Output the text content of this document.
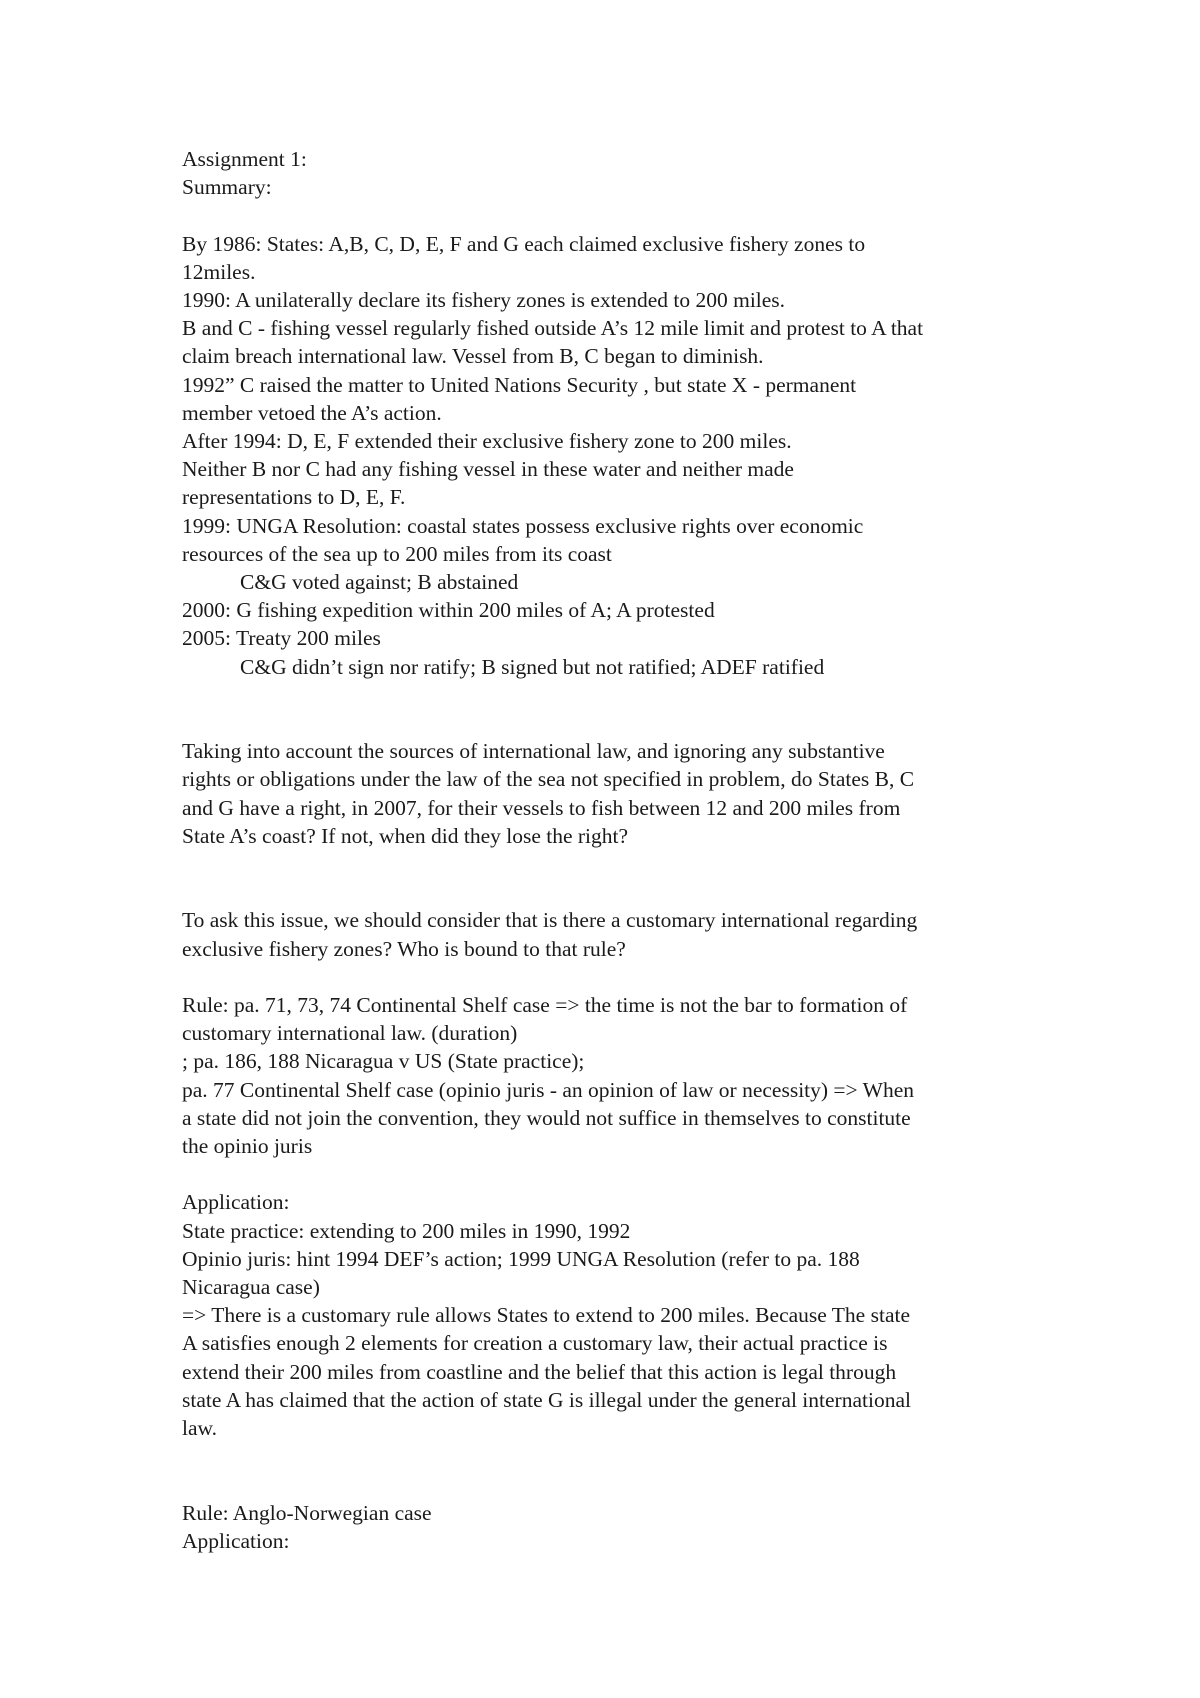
Assignment 1:
Summary:
By 1986: States: A,B, C, D, E, F and G each claimed exclusive fishery zones to
12miles.
1990: A unilaterally declare its fishery zones is extended to 200 miles.
B and C - fishing vessel regularly fished outside A’s 12 mile limit and protest to A that
claim breach international law. Vessel from B, C began to diminish.
1992” C raised the matter to United Nations Security , but state X - permanent
member vetoed the A’s action.
After 1994: D, E, F extended their exclusive fishery zone to 200 miles.
Neither B nor C had any fishing vessel in these water and neither made
representations to D, E, F.
1999: UNGA Resolution: coastal states possess exclusive rights over economic
resources of the sea up to 200 miles from its coast
C&G voted against; B abstained
2000: G fishing expedition within 200 miles of A; A protested
2005: Treaty 200 miles
C&G didn’t sign nor ratify; B signed but not ratified; ADEF ratified
Taking into account the sources of international law, and ignoring any substantive
rights or obligations under the law of the sea not specified in problem, do States B, C
and G have a right, in 2007, for their vessels to fish between 12 and 200 miles from
State A’s coast? If not, when did they lose the right?
To ask this issue, we should consider that is there a customary international regarding
exclusive fishery zones? Who is bound to that rule?
Rule: pa. 71, 73, 74 Continental Shelf case => the time is not the bar to formation of
customary international law. (duration)
; pa. 186, 188 Nicaragua v US (State practice);
pa. 77 Continental Shelf case (opinio juris - an opinion of law or necessity) => When
a state did not join the convention, they would not suffice in themselves to constitute
the opinio juris
Application:
State practice: extending to 200 miles in 1990, 1992
Opinio juris: hint 1994 DEF’s action; 1999 UNGA Resolution (refer to pa. 188
Nicaragua case)
=> There is a customary rule allows States to extend to 200 miles. Because The state
A satisfies enough 2 elements for creation a customary law, their actual practice is
extend their 200 miles from coastline and the belief that this action is legal through
state A has claimed that the action of state G is illegal under the general international
law.
Rule: Anglo-Norwegian case
Application:
